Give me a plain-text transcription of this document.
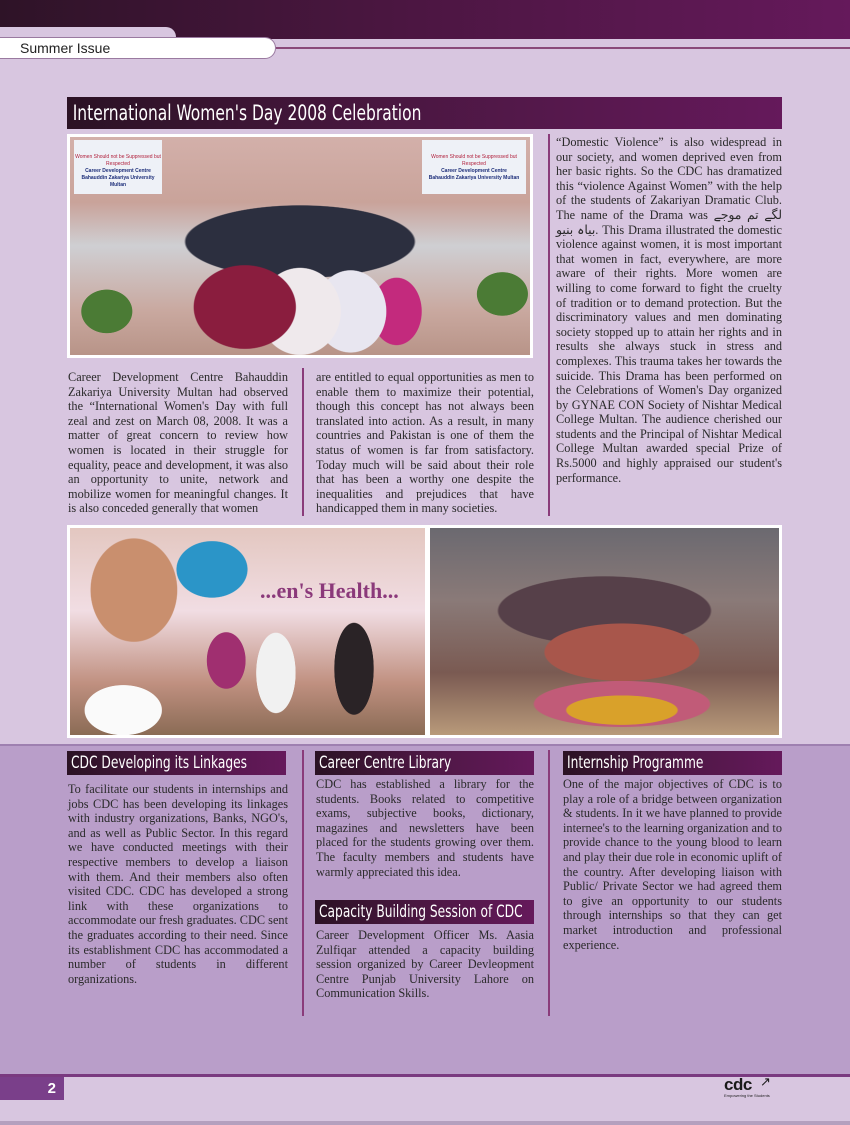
Summer Issue
International Women's Day 2008 Celebration
Women Should not be Suppressed but Respected
Career Development Centre
Bahauddin Zakariya University Multan
Women Should not be Suppressed but Respected
Career Development Centre
Bahauddin Zakariya University Multan
“Domestic Violence” is also widespread in our society, and women deprived even from her basic rights. So the CDC has dramatized this “violence Against Women” with the help of the students of Zakariyan Dramatic Club. The name of the Drama was لگے تم موجے بیاہ بنیو. This Drama illustrated the domestic violence against women, it is most important that women in fact, everywhere, are more aware of their rights. More women are willing to come forward to fight the cruelty of tradition or to demand protection. But the discriminatory values and men dominating society stopped up to attain her rights and in results she always stuck in stress and complexes. This trauma takes her towards the suicide. This Drama has been performed on the Celebrations of Women's Day organized by GYNAE CON Society of Nishtar Medical College Multan. The audience cherished our students and the Principal of Nishtar Medical College Multan awarded special Prize of Rs.5000 and highly appraised our student's performance.
Career Development Centre Bahauddin Zakariya University Multan had observed the “International Women's Day with full zeal and zest on March 08, 2008. It was a matter of great concern to review how women is located in their struggle for equality, peace and development, it was also an opportunity to unite, network and mobilize women for meaningful changes. It is also conceded generally that women
are entitled to equal opportunities as men to enable them to maximize their potential, though this concept has not always been translated into action. As a result, in many countries and Pakistan is one of them the status of women is far from satisfactory. Today much will be said about their role that has been a worthy one despite the inequalities and prejudices that have handicapped them in many societies.
...en's Health...
CDC Developing its Linkages
To facilitate our students in internships and jobs CDC has been developing its linkages with industry organizations, Banks, NGO's, and as well as Public Sector. In this regard we have conducted meetings with their respective members to develop a liaison with them. And their members also often visited CDC. CDC has developed a strong link with these organizations to accommodate our fresh graduates. CDC sent the graduates according to their need. Since its establishment CDC has accommodated a number of students in different organizations.
Career Centre Library
CDC has established a library for the students. Books related to competitive exams, subjective books, dictionary, magazines and newsletters have been placed for the students growing over them. The faculty members and students have warmly appreciated this idea.
Capacity Building Session of CDC
Career Development Officer Ms. Aasia Zulfiqar attended a capacity building session organized by Career Devleopment Centre Punjab University Lahore on Communication Skills.
Internship Programme
One of the major objectives of CDC is to play a role of a bridge between organization & students. In it we have planned to provide internee's to the learning organization and to provide chance to the young blood to learn and play their due role in economic uplift of the country. After developing liaison with Public/ Private Sector we had agreed them to give an opportunity to our students through internships so that they can get market introduction and professional experience.
2	cdc ↗
Empowering the Students
